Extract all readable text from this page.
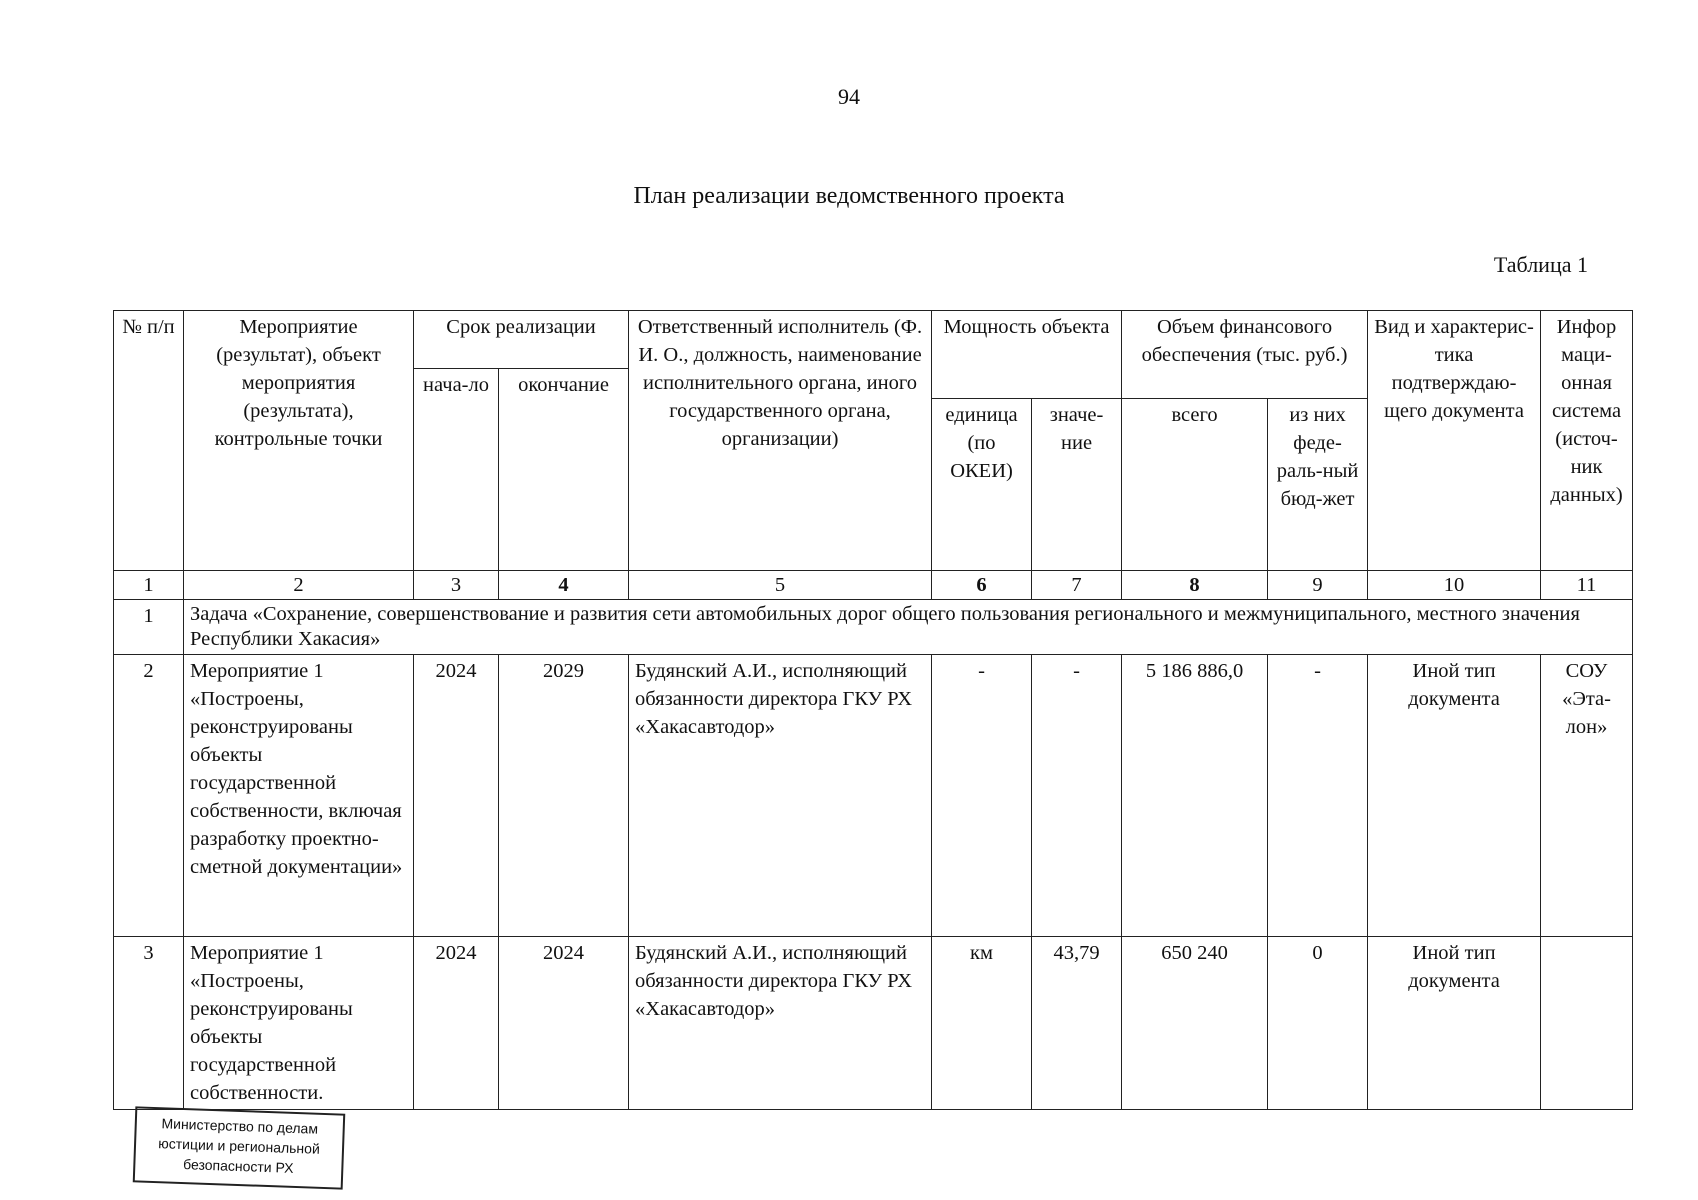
94
План реализации ведомственного проекта
Таблица 1
№ п/п	Мероприятие (результат), объект мероприятия (результата), контрольные точки	Срок реализации		Ответственный исполнитель (Ф. И. О., должность, наименование исполнительного органа, иного государственного органа, организации)	Мощность объекта		Объем финансового обеспечения (тыс. руб.)		Вид и характерис-тика подтверждаю-щего документа	Инфор маци-онная система (источ-ник данных)
		нача-ло	окончание							
					единица (по ОКЕИ)	значе-ние	всего	из них феде-раль-ный бюд-жет		
1	2	3	4	5	6	7	8	9	10	11
1	Задача «Сохранение, совершенствование и развития сети автомобильных дорог общего пользования регионального и межмуниципального, местного значения Республики Хакасия»									
2	Мероприятие 1 «Построены, реконструированы объекты государственной собственности, включая разработку проектно-сметной документации»	2024	2029	Будянский А.И., исполняющий обязанности директора ГКУ РХ «Хакасавтодор»	-	-	5 186 886,0	-	Иной тип документа	СОУ «Эта-лон»
3	Мероприятие 1 «Построены, реконструированы объекты государственной собственности.	2024	2024	Будянский А.И., исполняющий обязанности директора ГКУ РХ «Хакасавтодор»	км	43,79	650 240	0	Иной тип документа	
Министерство по делам
юстиции и региональной
безопасности РХ
